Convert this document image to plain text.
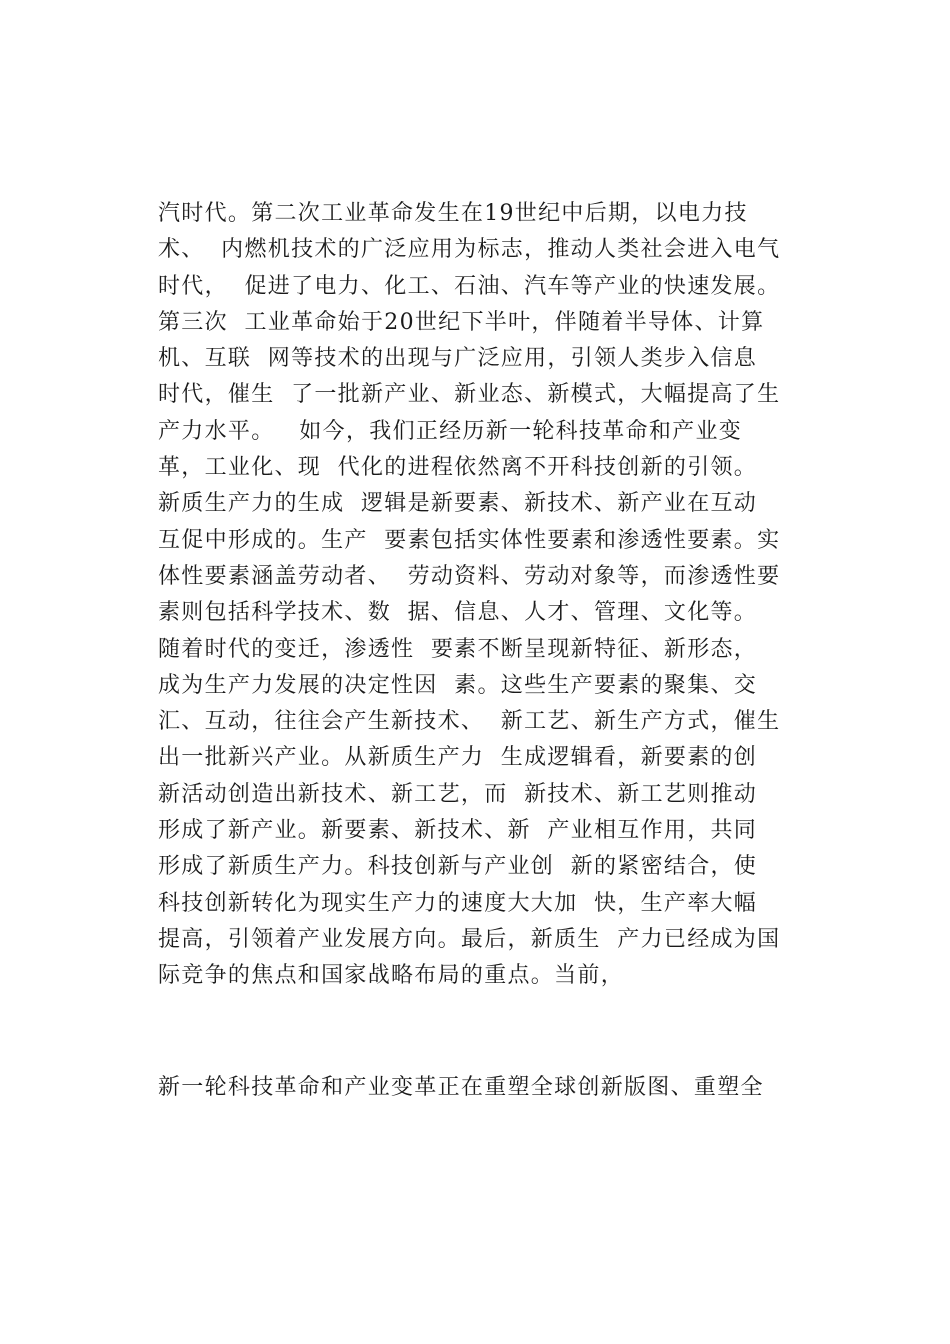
汽时代。第二次工业革命发生在19世纪中后期，以电力技
术、  内燃机技术的广泛应用为标志，推动人类社会进入电气
时代，  促进了电力、化工、石油、汽车等产业的快速发展。
第三次  工业革命始于20世纪下半叶，伴随着半导体、计算
机、互联  网等技术的出现与广泛应用，引领人类步入信息
时代，催生  了一批新产业、新业态、新模式，大幅提高了生
产力水平。   如今，我们正经历新一轮科技革命和产业变
革，工业化、现  代化的进程依然离不开科技创新的引领。
新质生产力的生成  逻辑是新要素、新技术、新产业在互动
互促中形成的。生产  要素包括实体性要素和渗透性要素。实
体性要素涵盖劳动者、  劳动资料、劳动对象等，而渗透性要
素则包括科学技术、数  据、信息、人才、管理、文化等。
随着时代的变迁，渗透性  要素不断呈现新特征、新形态，
成为生产力发展的决定性因  素。这些生产要素的聚集、交
汇、互动，往往会产生新技术、  新工艺、新生产方式，催生
出一批新兴产业。从新质生产力  生成逻辑看，新要素的创
新活动创造出新技术、新工艺，而  新技术、新工艺则推动
形成了新产业。新要素、新技术、新  产业相互作用，共同
形成了新质生产力。科技创新与产业创  新的紧密结合，使
科技创新转化为现实生产力的速度大大加  快，生产率大幅
提高，引领着产业发展方向。最后，新质生  产力已经成为国
际竞争的焦点和国家战略布局的重点。当前，
新一轮科技革命和产业变革正在重塑全球创新版图、重塑全
